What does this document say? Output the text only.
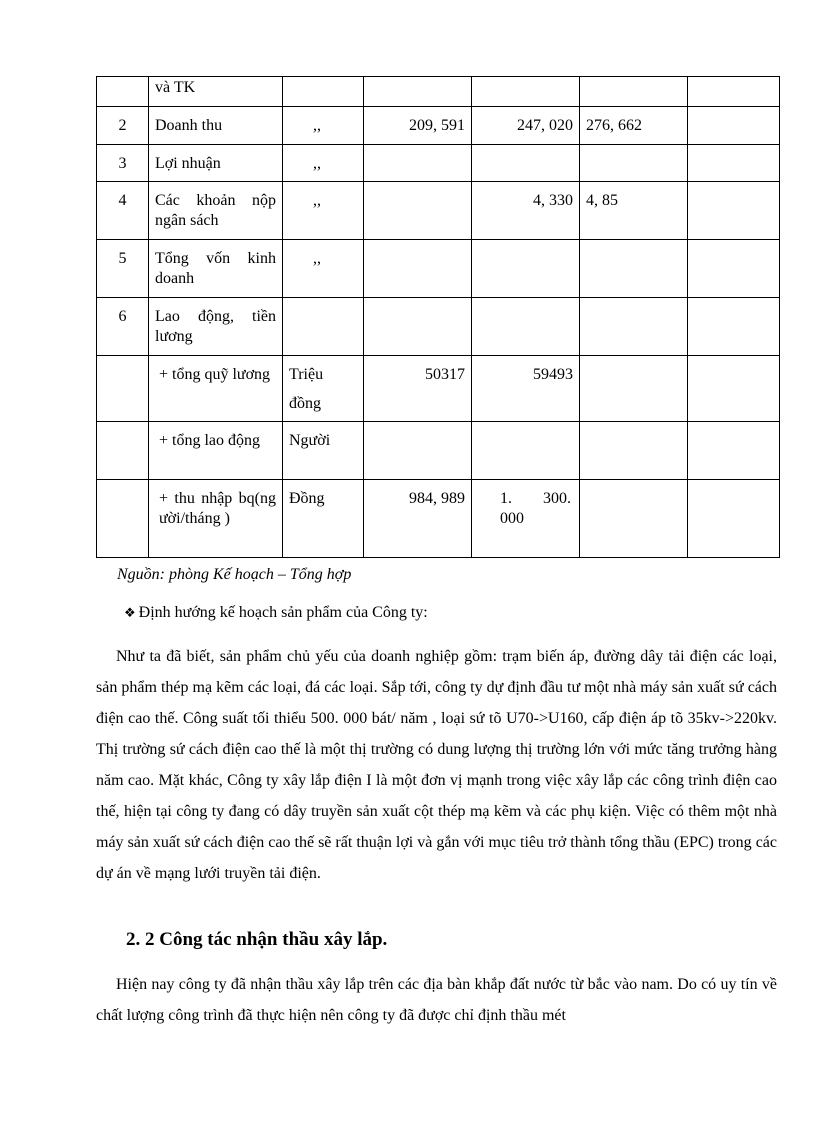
	và TK					
2	Doanh thu	,,	209, 591	247, 020	276, 662	
3	Lợi nhuận	,,				
4	Các khoản nộp ngân sách	,,		4, 330	4, 85	
5	Tổng vốn kinh doanh	,,				
6	Lao động, tiền lương					
	+ tổng quỹ lương	Triệu đồng	50317	59493		
	+ tổng lao động	Người				
	+ thu nhập bq(người/tháng )	Đồng	984, 989	1. 300. 000		
Nguồn: phòng Kế hoạch – Tổng hợp
❖ Định hướng kế hoạch sản phẩm của Công ty:

Như ta đã biết, sản phẩm chủ yếu của doanh nghiệp gồm: trạm biến áp, đường dây tải điện các loại, sản phẩm thép mạ kẽm các loại, đá các loại. Sắp tới, công ty dự định đầu tư một nhà máy sản xuất sứ cách điện cao thế. Công suất tối thiểu 500. 000 bát/ năm , loại sứ tõ U70->U160, cấp điện áp tõ 35kv->220kv. Thị trường sứ cách điện cao thế là một thị trường có dung lượng thị trường lớn với mức tăng trưởng hàng năm cao. Mặt khác, Công ty xây lắp điện I là một đơn vị mạnh trong việc xây lắp các công trình điện cao thế, hiện tại công ty đang có dây truyền sản xuất cột thép mạ kẽm và các phụ kiện. Việc có thêm một nhà máy sản xuất sứ cách điện cao thế sẽ rất thuận lợi và gắn với mục tiêu trở thành tổng thầu (EPC) trong các dự án về mạng lưới truyền tải điện.

2. 2 Công tác nhận thầu xây lắp.

Hiện nay công ty đã nhận thầu xây lắp trên các địa bàn khắp đất nước từ bắc vào nam. Do có uy tín về chất lượng công trình đã thực hiện nên công ty đã được chỉ định thầu mét
